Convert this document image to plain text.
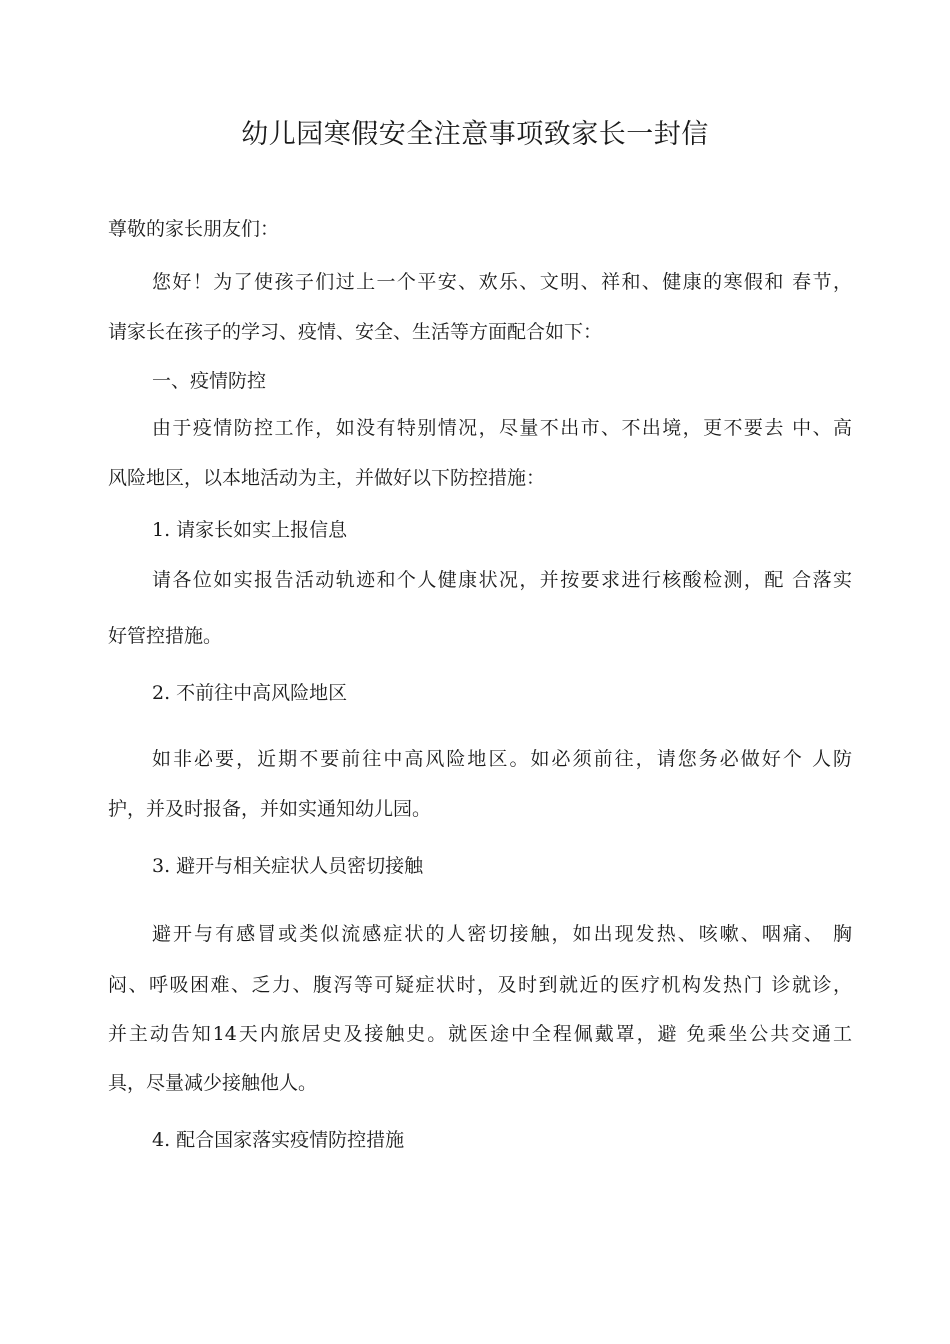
幼儿园寒假安全注意事项致家长一封信
尊敬的家长朋友们：
您好！为了使孩子们过上一个平安、欢乐、文明、祥和、健康的寒假和 春节，
请家长在孩子的学习、疫情、安全、生活等方面配合如下：
一、疫情防控
由于疫情防控工作，如没有特别情况，尽量不出市、不出境，更不要去 中、高
风险地区，以本地活动为主，并做好以下防控措施：
1. 请家长如实上报信息
请各位如实报告活动轨迹和个人健康状况，并按要求进行核酸检测，配 合落实
好管控措施。
2. 不前往中高风险地区
如非必要，近期不要前往中高风险地区。如必须前往，请您务必做好个 人防
护，并及时报备，并如实通知幼儿园。
3. 避开与相关症状人员密切接触
避开与有感冒或类似流感症状的人密切接触，如出现发热、咳嗽、咽痛、 胸
闷、呼吸困难、乏力、腹泻等可疑症状时，及时到就近的医疗机构发热门 诊就诊，
并主动告知14天内旅居史及接触史。就医途中全程佩戴罩，避 免乘坐公共交通工
具，尽量减少接触他人。
4. 配合国家落实疫情防控措施
